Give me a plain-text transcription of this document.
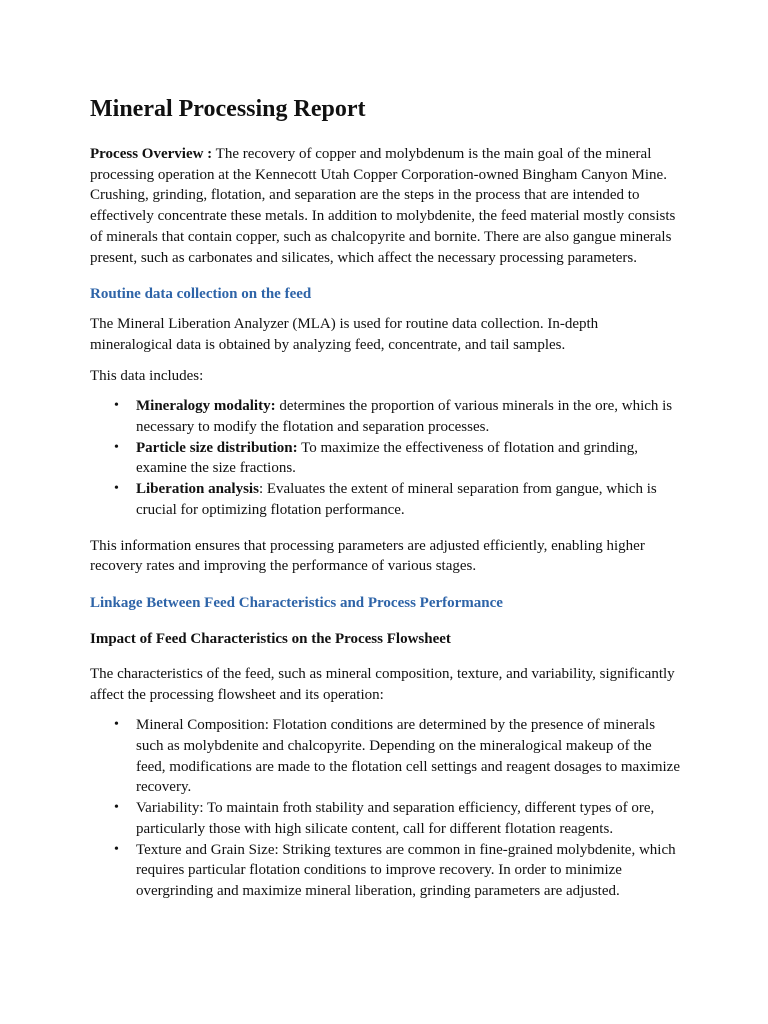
Mineral Processing Report

Process Overview : The recovery of copper and molybdenum is the main goal of the mineral processing operation at the Kennecott Utah Copper Corporation-owned Bingham Canyon Mine. Crushing, grinding, flotation, and separation are the steps in the process that are intended to effectively concentrate these metals. In addition to molybdenite, the feed material mostly consists of minerals that contain copper, such as chalcopyrite and bornite. There are also gangue minerals present, such as carbonates and silicates, which affect the necessary processing parameters.

Routine data collection on the feed

The Mineral Liberation Analyzer (MLA) is used for routine data collection. In-depth mineralogical data is obtained by analyzing feed, concentrate, and tail samples.

This data includes:

• Mineralogy modality: determines the proportion of various minerals in the ore, which is necessary to modify the flotation and separation processes.
• Particle size distribution: To maximize the effectiveness of flotation and grinding, examine the size fractions.
• Liberation analysis: Evaluates the extent of mineral separation from gangue, which is crucial for optimizing flotation performance.

This information ensures that processing parameters are adjusted efficiently, enabling higher recovery rates and improving the performance of various stages.

Linkage Between Feed Characteristics and Process Performance
Impact of Feed Characteristics on the Process Flowsheet

The characteristics of the feed, such as mineral composition, texture, and variability, significantly affect the processing flowsheet and its operation:

• Mineral Composition: Flotation conditions are determined by the presence of minerals such as molybdenite and chalcopyrite. Depending on the mineralogical makeup of the feed, modifications are made to the flotation cell settings and reagent dosages to maximize recovery.
• Variability: To maintain froth stability and separation efficiency, different types of ore, particularly those with high silicate content, call for different flotation reagents.
• Texture and Grain Size: Striking textures are common in fine-grained molybdenite, which requires particular flotation conditions to improve recovery. In order to minimize overgrinding and maximize mineral liberation, grinding parameters are adjusted.
